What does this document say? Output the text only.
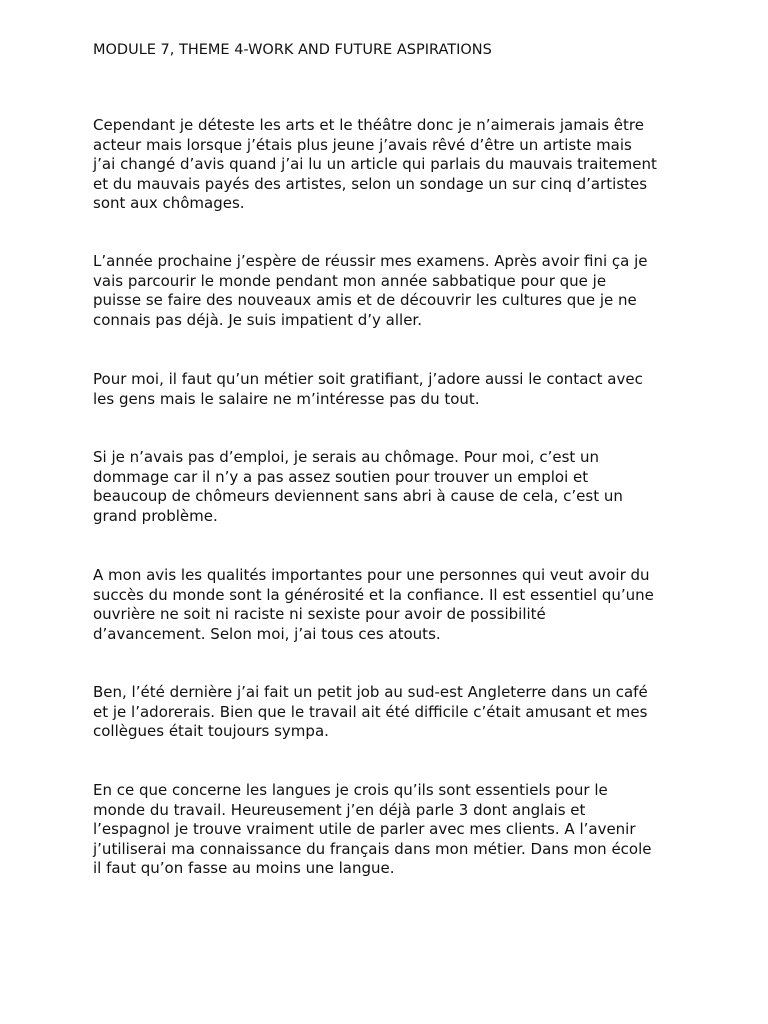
MODULE 7, THEME 4-WORK AND FUTURE ASPIRATIONS
Cependant je déteste les arts et le théâtre donc je n’aimerais jamais être
acteur mais lorsque j’étais plus jeune j’avais rêvé d’être un artiste mais
j’ai changé d’avis quand j’ai lu un article qui parlais du mauvais traitement
et du mauvais payés des artistes, selon un sondage un sur cinq d’artistes
sont aux chômages.
L’année prochaine j’espère de réussir mes examens. Après avoir fini ça je
vais parcourir le monde pendant mon année sabbatique pour que je
puisse se faire des nouveaux amis et de découvrir les cultures que je ne
connais pas déjà. Je suis impatient d’y aller.
Pour moi, il faut qu’un métier soit gratifiant, j’adore aussi le contact avec
les gens mais le salaire ne m’intéresse pas du tout.
Si je n’avais pas d’emploi, je serais au chômage. Pour moi, c’est un
dommage car il n’y a pas assez soutien pour trouver un emploi et
beaucoup de chômeurs deviennent sans abri à cause de cela, c’est un
grand problème.
A mon avis les qualités importantes pour une personnes qui veut avoir du
succès du monde sont la générosité et la confiance. Il est essentiel qu’une
ouvrière ne soit ni raciste ni sexiste pour avoir de possibilité
d’avancement. Selon moi, j’ai tous ces atouts.
Ben, l’été dernière j’ai fait un petit job au sud-est Angleterre dans un café
et je l’adorerais. Bien que le travail ait été difficile c’était amusant et mes
collègues était toujours sympa.
En ce que concerne les langues je crois qu’ils sont essentiels pour le
monde du travail. Heureusement j’en déjà parle 3 dont anglais et
l’espagnol je trouve vraiment utile de parler avec mes clients. A l’avenir
j’utiliserai ma connaissance du français dans mon métier. Dans mon école
il faut qu’on fasse au moins une langue.
